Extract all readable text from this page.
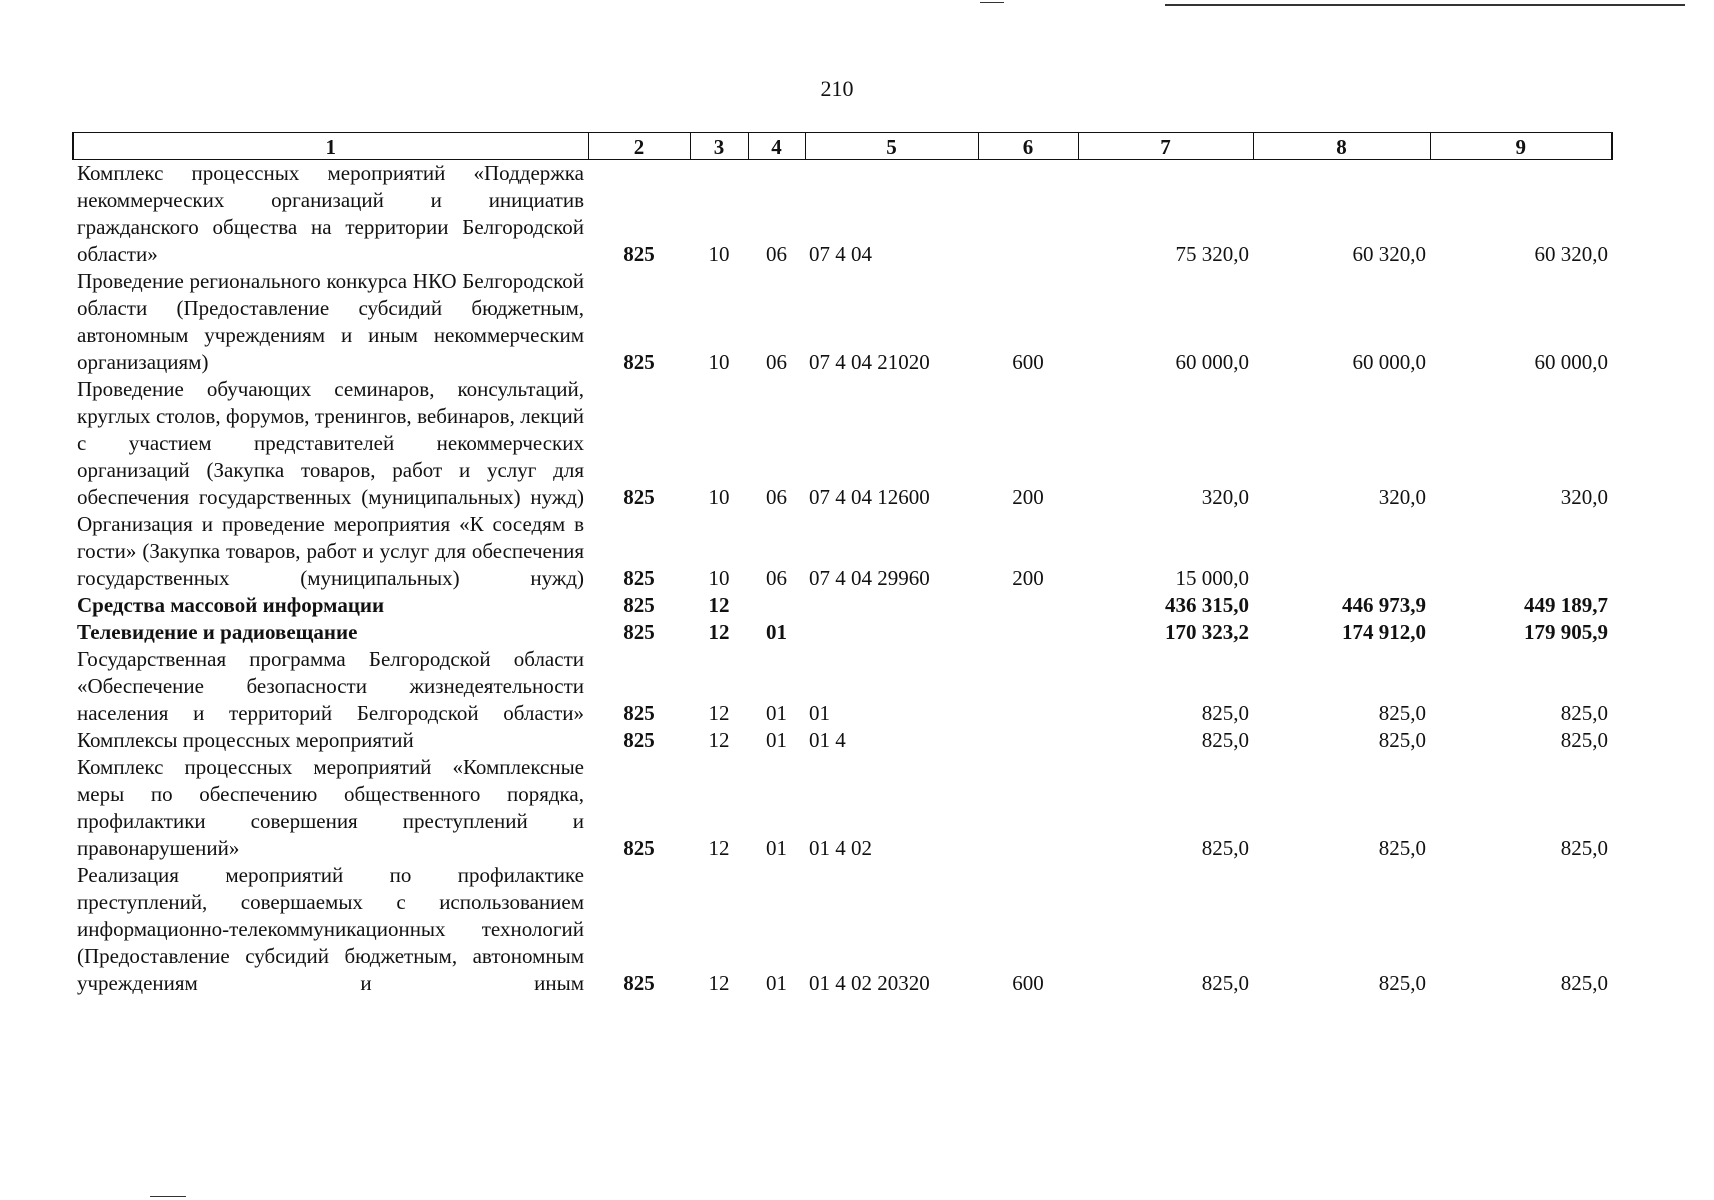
210
1	2	3	4	5	6	7	8	9
Комплекс процессных мероприятий «Поддержка некоммерческих организаций и инициатив гражданского общества на территории Белгородской области»	825	10	06	07 4 04		75 320,0	60 320,0	60 320,0
Проведение регионального конкурса НКО Белгородской области (Предоставление субсидий бюджетным, автономным учреждениям и иным некоммерческим организациям)	825	10	06	07 4 04 21020	600	60 000,0	60 000,0	60 000,0
Проведение обучающих семинаров, консультаций, круглых столов, форумов, тренингов, вебинаров, лекций с участием представителей некоммерческих организаций (Закупка товаров, работ и услуг для обеспечения государственных (муниципальных) нужд)	825	10	06	07 4 04 12600	200	320,0	320,0	320,0
Организация и проведение мероприятия «К соседям в гости» (Закупка товаров, работ и услуг для обеспечения государственных (муниципальных) нужд)	825	10	06	07 4 04 29960	200	15 000,0		
Средства массовой информации	825	12				436 315,0	446 973,9	449 189,7
Телевидение и радиовещание	825	12	01			170 323,2	174 912,0	179 905,9
Государственная программа Белгородской области «Обеспечение безопасности жизнедеятельности населения и территорий Белгородской области»	825	12	01	01		825,0	825,0	825,0
Комплексы процессных мероприятий	825	12	01	01 4		825,0	825,0	825,0
Комплекс процессных мероприятий «Комплексные меры по обеспечению общественного порядка, профилактики совершения преступлений и правонарушений»	825	12	01	01 4 02		825,0	825,0	825,0
Реализация мероприятий по профилактике преступлений, совершаемых с использованием информационно-телекоммуникационных технологий (Предоставление субсидий бюджетным, автономным учреждениям и иным	825	12	01	01 4 02 20320	600	825,0	825,0	825,0
